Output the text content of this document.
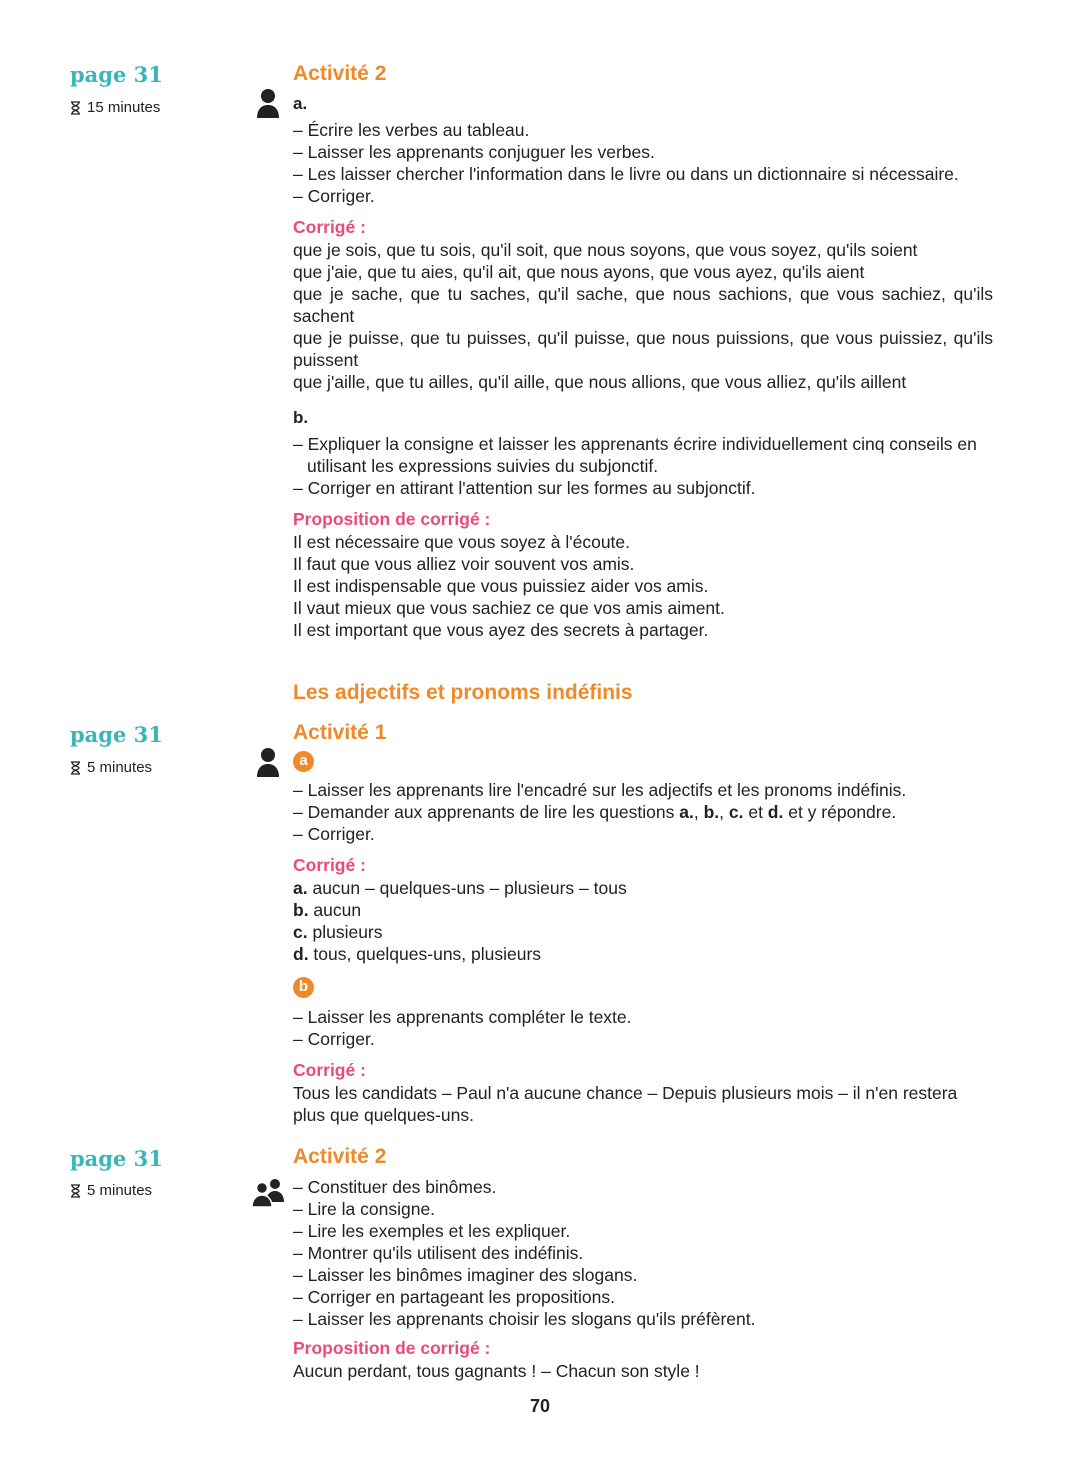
page 31
15 minutes
Activité 2
a.
– Écrire les verbes au tableau.
– Laisser les apprenants conjuguer les verbes.
– Les laisser chercher l'information dans le livre ou dans un dictionnaire si nécessaire.
– Corriger.
Corrigé :
que je sois, que tu sois, qu'il soit, que nous soyons, que vous soyez, qu'ils soient
que j'aie, que tu aies, qu'il ait, que nous ayons, que vous ayez, qu'ils aient
que je sache, que tu saches, qu'il sache, que nous sachions, que vous sachiez, qu'ils sachent
que je puisse, que tu puisses, qu'il puisse, que nous puissions, que vous puissiez, qu'ils puissent
que j'aille, que tu ailles, qu'il aille, que nous allions, que vous alliez, qu'ils aillent
b.
– Expliquer la consigne et laisser les apprenants écrire individuellement cinq conseils en utilisant les expressions suivies du subjonctif.
– Corriger en attirant l'attention sur les formes au subjonctif.
Proposition de corrigé :
Il est nécessaire que vous soyez à l'écoute.
Il faut que vous alliez voir souvent vos amis.
Il est indispensable que vous puissiez aider vos amis.
Il vaut mieux que vous sachiez ce que vos amis aiment.
Il est important que vous ayez des secrets à partager.
Les adjectifs et pronoms indéfinis
page 31
5 minutes
Activité 1
a
– Laisser les apprenants lire l'encadré sur les adjectifs et les pronoms indéfinis.
– Demander aux apprenants de lire les questions a., b., c. et d. et y répondre.
– Corriger.
Corrigé :
a. aucun – quelques-uns – plusieurs – tous
b. aucun
c. plusieurs
d. tous, quelques-uns, plusieurs
b
– Laisser les apprenants compléter le texte.
– Corriger.
Corrigé :
Tous les candidats – Paul n'a aucune chance – Depuis plusieurs mois – il n'en restera plus que quelques-uns.
page 31
5 minutes
Activité 2
– Constituer des binômes.
– Lire la consigne.
– Lire les exemples et les expliquer.
– Montrer qu'ils utilisent des indéfinis.
– Laisser les binômes imaginer des slogans.
– Corriger en partageant les propositions.
– Laisser les apprenants choisir les slogans qu'ils préfèrent.
Proposition de corrigé :
Aucun perdant, tous gagnants ! – Chacun son style !
70
